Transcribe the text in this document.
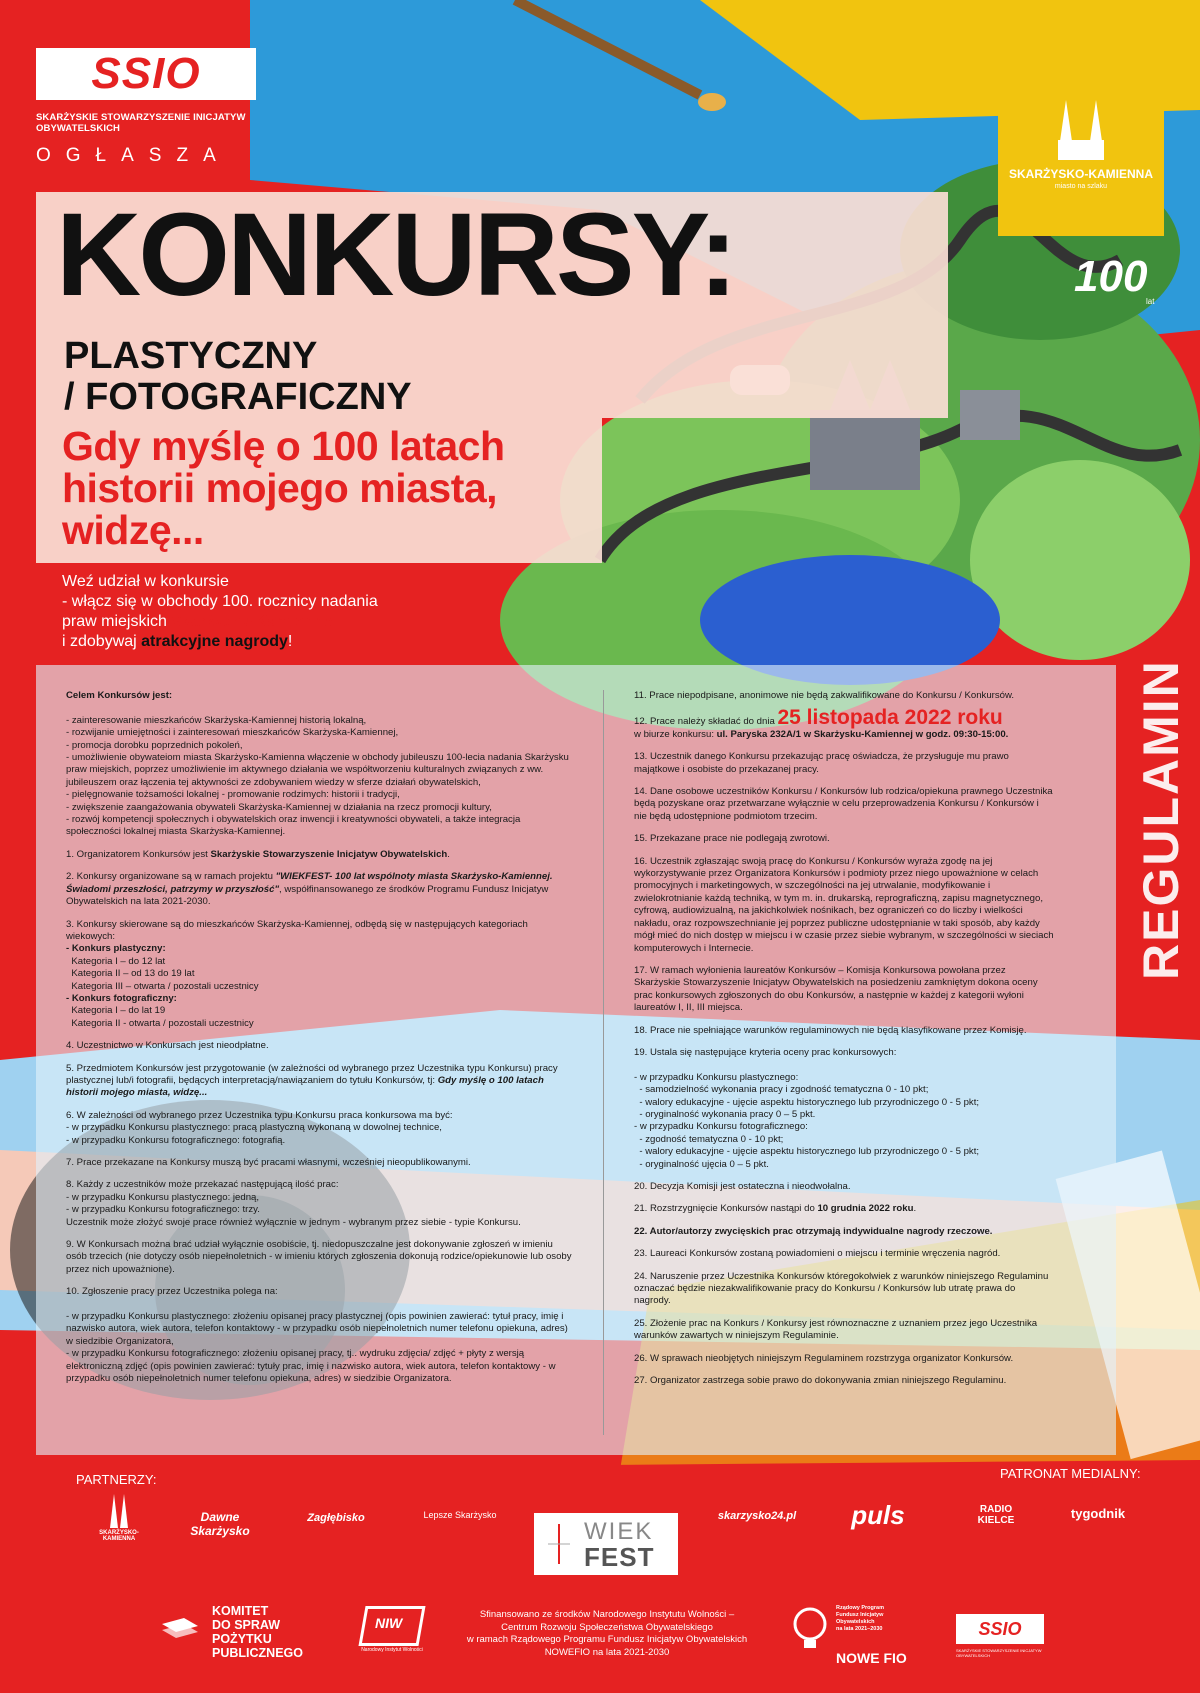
SSIO
SKARŻYSKIE STOWARZYSZENIE INICJATYW OBYWATELSKICH
OGŁASZA
SKARŻYSKO-KAMIENNA
miasto na szlaku
100
lat
KONKURSY:
PLASTYCZNY
/ FOTOGRAFICZNY
Gdy myślę o 100 latach
historii mojego miasta,
widzę...
Weź udział w konkursie
- włącz się w obchody 100. rocznicy nadania
praw miejskich Skarżysku-Kamiennej
i zdobywaj atrakcyjne nagrody!
REGULAMIN

Celem Konkursów jest:

- zainteresowanie mieszkańców Skarżyska-Kamiennej historią lokalną,
- rozwijanie umiejętności i zainteresowań mieszkańców Skarżyska-Kamiennej,
- promocja dorobku poprzednich pokoleń,
- umożliwienie obywateiom miasta Skarżysko-Kamienna włączenie w obchody jubileuszu 100-lecia nadania Skarżysku praw miejskich, poprzez umożliwienie im aktywnego działania we współtworzeniu kulturalnych związanych z ww. jubileuszem oraz łączenia tej aktywności ze zdobywaniem wiedzy w sferze działań obywatelskich,
- pielęgnowanie tożsamości lokalnej - promowanie rodzimych: historii i tradycji,
- zwiększenie zaangażowania obywateli Skarżyska-Kamiennej w działania na rzecz promocji kultury,
- rozwój kompetencji społecznych i obywatelskich oraz inwencji i kreatywności obywateli, a także integracja społeczności lokalnej miasta Skarżyska-Kamiennej.

1. Organizatorem Konkursów jest Skarżyskie Stowarzyszenie Inicjatyw Obywatelskich.

2. Konkursy organizowane są w ramach projektu "WIEKFEST- 100 lat wspólnoty miasta Skarżysko-Kamiennej. Świadomi przeszłości, patrzymy w przyszłość", współfinansowanego ze środków Programu Fundusz Inicjatyw Obywatelskich na lata 2021-2030.

3. Konkursy skierowane są do mieszkańców Skarżyska-Kamiennej, odbędą się w następujących kategoriach wiekowych:
- Konkurs plastyczny:
Kategoria I – do 12 lat
Kategoria II – od 13 do 19 lat
Kategoria III – otwarta / pozostali uczestnicy
- Konkurs fotograficzny:
Kategoria I – do lat 19
Kategoria II - otwarta / pozostali uczestnicy

4. Uczestnictwo w Konkursach jest nieodpłatne.

5. Przedmiotem Konkursów jest przygotowanie (w zależności od wybranego przez Uczestnika typu Konkursu) pracy plastycznej lub/i fotografii, będących interpretacją/nawiązaniem do tytułu Konkursów, tj: Gdy myślę o 100 latach historii mojego miasta, widzę...

6. W zależności od wybranego przez Uczestnika typu Konkursu praca konkursowa ma być:
- w przypadku Konkursu plastycznego: pracą plastyczną wykonaną w dowolnej technice,
- w przypadku Konkursu fotograficznego: fotografią.

7. Prace przekazane na Konkursy muszą być pracami własnymi, wcześniej nieopublikowanymi.

8. Każdy z uczestników może przekazać następującą ilość prac:
- w przypadku Konkursu plastycznego: jedną,
- w przypadku Konkursu fotograficznego: trzy.
Uczestnik może złożyć swoje prace również wyłącznie w jednym - wybranym przez siebie - typie Konkursu.

9. W Konkursach można brać udział wyłącznie osobiście, tj. niedopuszczalne jest dokonywanie zgłoszeń w imieniu osób trzecich (nie dotyczy osób niepełnoletnich - w imieniu których zgłoszenia dokonują rodzice/opiekunowie lub osoby przez nich upoważnione).

10. Zgłoszenie pracy przez Uczestnika polega na:

- w przypadku Konkursu plastycznego: złożeniu opisanej pracy plastycznej (opis powinien zawierać: tytuł pracy, imię i nazwisko autora, wiek autora, telefon kontaktowy - w przypadku osób niepełnoletnich numer telefonu opiekuna, adres) w siedzibie Organizatora,
- w przypadku Konkursu fotograficznego: złożeniu opisanej pracy, tj.. wydruku zdjęcia/ zdjęć + płyty z wersją elektroniczną zdjęć (opis powinien zawierać: tytuły prac, imię i nazwisko autora, wiek autora, telefon kontaktowy - w przypadku osób niepełnoletnich numer telefonu opiekuna, adres) w siedzibie Organizatora.

11. Prace niepodpisane, anonimowe nie będą zakwalifikowane do Konkursu / Konkursów.

12. Prace należy składać do dnia 25 listopada 2022 roku
w biurze konkursu: ul. Paryska 232A/1 w Skarżysku-Kamiennej w godz. 09:30-15:00.

13. Uczestnik danego Konkursu przekazując pracę oświadcza, że przysługuje mu prawo majątkowe i osobiste do przekazanej pracy.

14. Dane osobowe uczestników Konkursu / Konkursów lub rodzica/opiekuna prawnego Uczestnika będą pozyskane oraz przetwarzane wyłącznie w celu przeprowadzenia Konkursu / Konkursów i nie będą udostępnione podmiotom trzecim.

15. Przekazane prace nie podlegają zwrotowi.

16. Uczestnik zgłaszając swoją pracę do Konkursu / Konkursów wyraża zgodę na jej wykorzystywanie przez Organizatora Konkursów i podmioty przez niego upoważnione w celach promocyjnych i marketingowych, w szczególności na jej utrwalanie, modyfikowanie i zwielokrotnianie każdą techniką, w tym m. in. drukarską, reprograficzną, zapisu magnetycznego, cyfrową, audiowizualną, na jakichkolwiek nośnikach, bez ograniczeń co do liczby i wielkości nakładu, oraz rozpowszechnianie jej poprzez publiczne udostępnianie w taki sposób, aby każdy mógł mieć do nich dostęp w miejscu i w czasie przez siebie wybranym, w szczególności w sieciach komputerowych i Internecie.

17. W ramach wyłonienia laureatów Konkursów – Komisja Konkursowa powołana przez Skarżyskie Stowarzyszenie Inicjatyw Obywatelskich na posiedzeniu zamkniętym dokona oceny prac konkursowych zgłoszonych do obu Konkursów, a następnie w każdej z kategorii wyłoni laureatów I, II, III miejsca.

18. Prace nie spełniające warunków regulaminowych nie będą klasyfikowane przez Komisję.

19. Ustala się następujące kryteria oceny prac konkursowych:

- w przypadku Konkursu plastycznego:
- samodzielność wykonania pracy i zgodność tematyczna 0 - 10 pkt;
- walory edukacyjne - ujęcie aspektu historycznego lub przyrodniczego 0 - 5 pkt;
- oryginalność wykonania pracy 0 – 5 pkt.
- w przypadku Konkursu fotograficznego:
- zgodność tematyczna 0 - 10 pkt;
- walory edukacyjne - ujęcie aspektu historycznego lub przyrodniczego 0 - 5 pkt;
- oryginalność ujęcia 0 – 5 pkt.

20. Decyzja Komisji jest ostateczna i nieodwołalna.

21. Rozstrzygnięcie Konkursów nastąpi do 10 grudnia 2022 roku.

22. Autor/autorzy zwycięskich prac otrzymają indywidualne nagrody rzeczowe.

23. Laureaci Konkursów zostaną powiadomieni o miejscu i terminie wręczenia nagród.

24. Naruszenie przez Uczestnika Konkursów któregokolwiek z warunków niniejszego Regulaminu oznaczać będzie niezakwalifikowanie pracy do Konkursu / Konkursów lub utratę prawa do nagrody.

25. Złożenie prac na Konkurs / Konkursy jest równoznaczne z uznaniem przez jego Uczestnika warunków zawartych w niniejszym Regulaminie.

26. W sprawach nieobjętych niniejszym Regulaminem rozstrzyga organizator Konkursów.

27. Organizator zastrzega sobie prawo do dokonywania zmian niniejszego Regulaminu.

PARTNERZY:	PATRONAT MEDIALNY:
SKARŻYSKO-KAMIENNA
Dawne Skarżysko
Zagłębisko	Lepsze Skarżysko
WIEK
FEST
skarzysko24.pl puls	RADIO KIELCE	tygodnik
KOMITET
DO SPRAW
POŻYTKU
PUBLICZNEGO
NIW
Narodowy Instytut Wolności
Sfinansowano ze środków Narodowego Instytutu Wolności –
Centrum Rozwoju Społeczeństwa Obywatelskiego
w ramach Rządowego Programu Fundusz Inicjatyw Obywatelskich
NOWEFIO na lata 2021-2030
Rządowy Program
Fundusz Inicjatyw
Obywatelskich
na lata 2021–2030
NOWE FIO
SSIO
SKARŻYSKIE STOWARZYSZENIE INICJATYW OBYWATELSKICH
